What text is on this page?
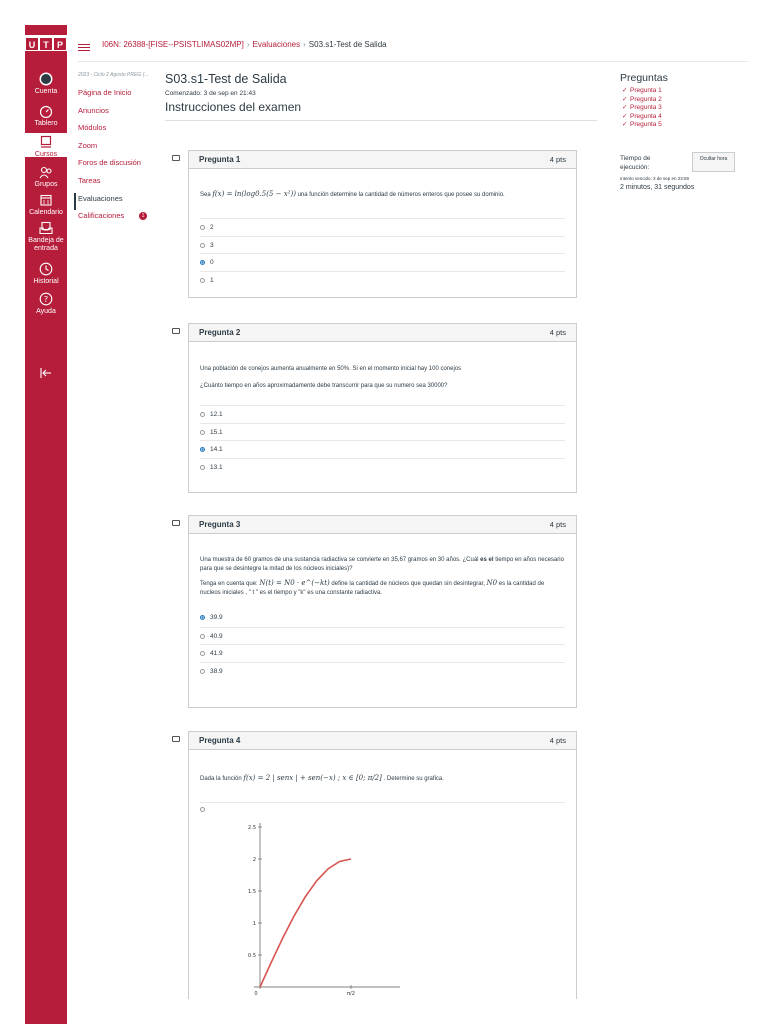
U T P
Cuenta
Tablero
Cursos
Grupos
Calendario
Bandeja de entrada
Historial
?
Ayuda
I06N: 26388-[FISE--PSISTLIMAS02MP] › Evaluaciones › S03.s1-Test de Salida
2023 - Ciclo 2 Agosto PREG (...
Página de Inicio
Anuncios
Módulos
Zoom
Foros de discusión
Tareas
Evaluaciones
Calificaciones	1
S03.s1-Test de Salida
Comenzado: 3 de sep en 21:43
Instrucciones del examen
Pregunta 1	4 pts

Sea f(x) = ln(log0.5(5 − x²)) una función determine la cantidad de números enteros que posee su dominio.

2
3
0
1
Pregunta 2	4 pts

Una población de conejos aumenta anualmente en 50%. Si en el momento inicial hay 100 conejos

¿Cuánto tiempo en años aproximadamente debe transcurrir para que su numero sea 30000?

12.1
15.1
14.1
13.1
Pregunta 3	4 pts

Una muestra de 60 gramos de una sustancia radiactiva se convierte en 35,67 gramos en 30 años. ¿Cuál es el tiempo en años necesario para que se desintegre la mitad de los núcleos iniciales)?

Tenga en cuenta que: N(t) = N0 · e^(−kt) define la cantidad de núcleos que quedan sin desintegrar, N0 es la cantidad de nucleos iniciales , " t " es el tiempo y "k" es una constante radiactiva.

39.9
40.9
41.9
38.9
Pregunta 4	4 pts

Dada la función f(x) = 2 | senx | + sen(−x) ; x ∈ [0; π/2] . Determine su grafica.

0.5
1
1.5
2
2.5
0	π/2
Preguntas
✓ Pregunta 1
✓ Pregunta 2
✓ Pregunta 3
✓ Pregunta 4
✓ Pregunta 5
Tiempo de ejecución:
Ocultar hora
Intento vencido: 3 de sep en 23:59
2 minutos, 31 segundos
